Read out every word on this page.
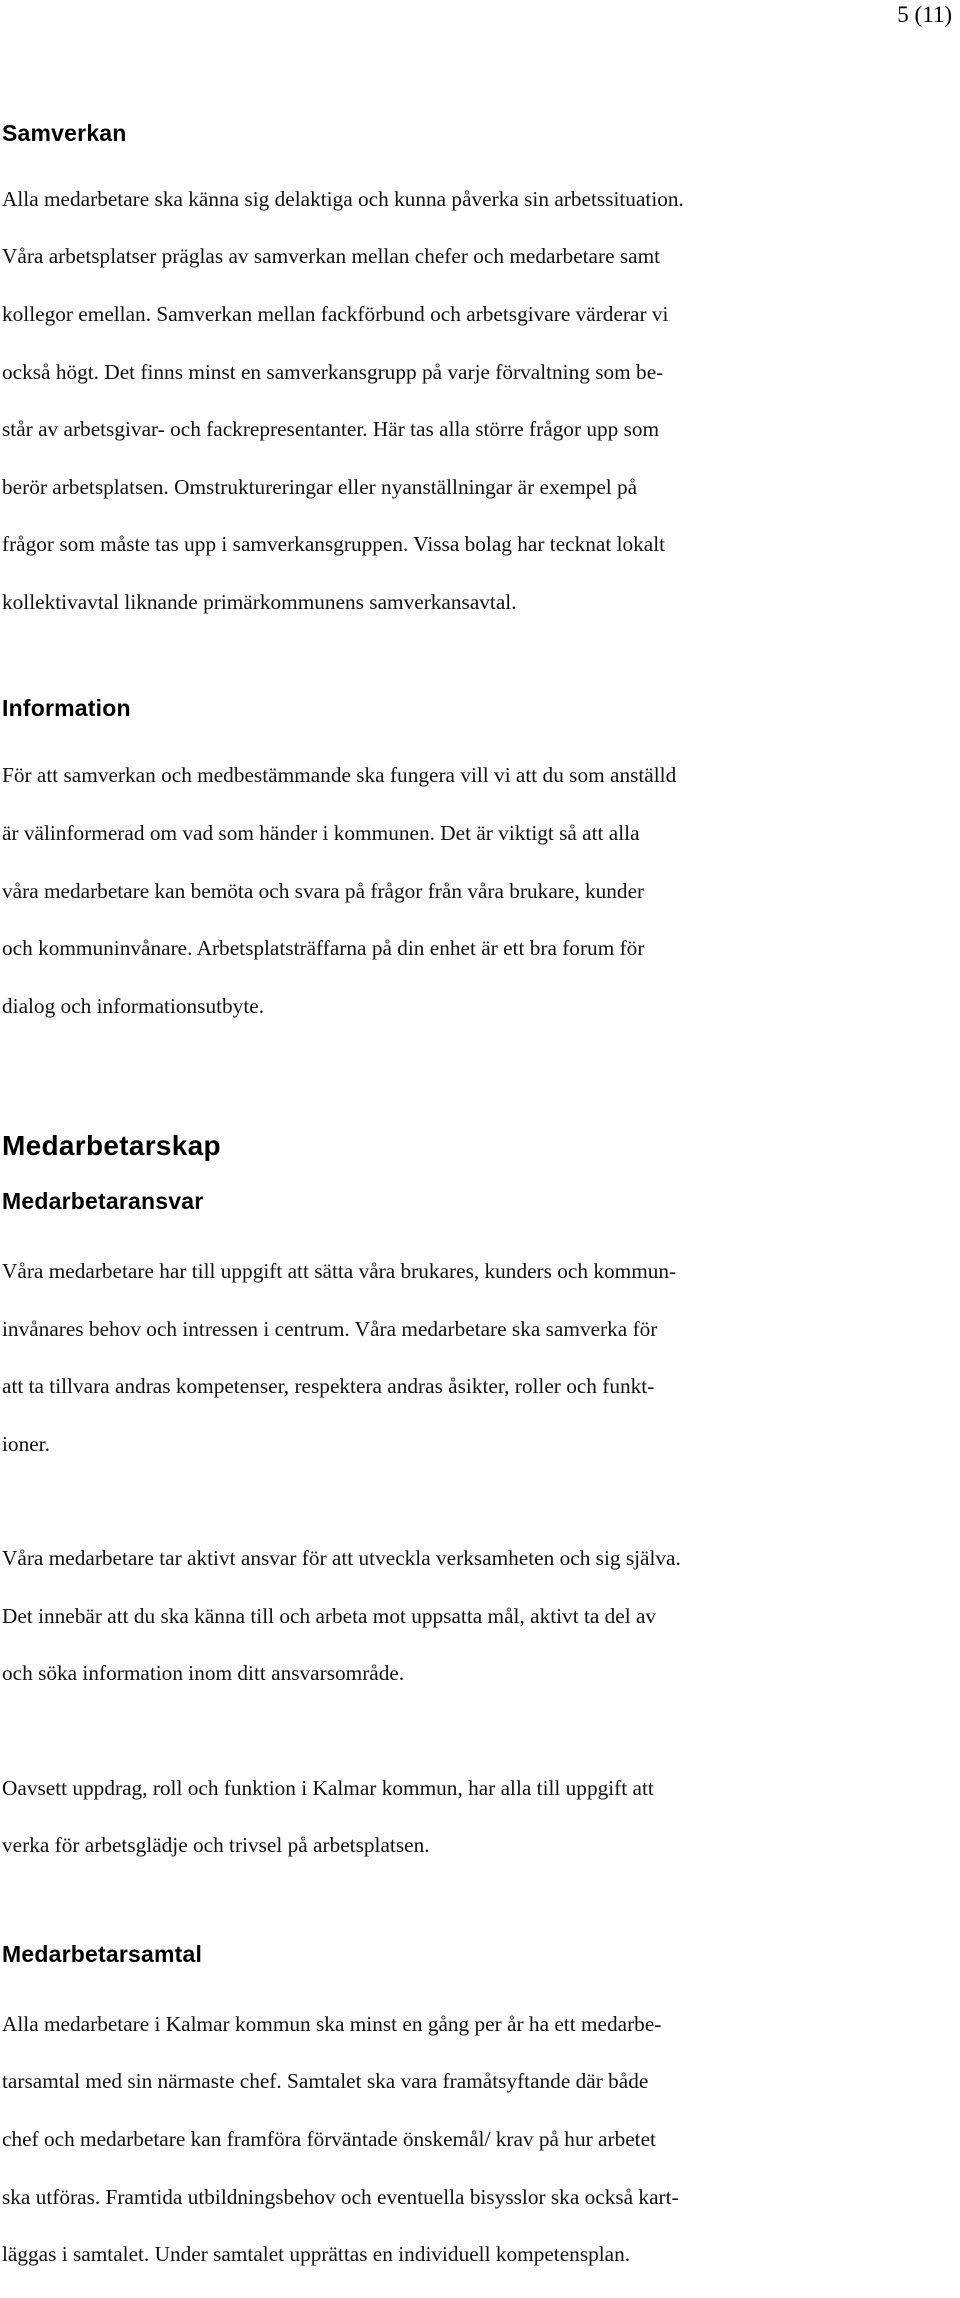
5 (11)
Samverkan

Alla medarbetare ska känna sig delaktiga och kunna påverka sin arbetssituation.

Våra arbetsplatser präglas av samverkan mellan chefer och medarbetare samt

kollegor emellan. Samverkan mellan fackförbund och arbetsgivare värderar vi

också högt. Det finns minst en samverkansgrupp på varje förvaltning som be-

står av arbetsgivar- och fackrepresentanter. Här tas alla större frågor upp som

berör arbetsplatsen. Omstruktureringar eller nyanställningar är exempel på

frågor som måste tas upp i samverkansgruppen. Vissa bolag har tecknat lokalt

kollektivavtal liknande primärkommunens samverkansavtal.

Information

För att samverkan och medbestämmande ska fungera vill vi att du som anställd

är välinformerad om vad som händer i kommunen. Det är viktigt så att alla

våra medarbetare kan bemöta och svara på frågor från våra brukare, kunder

och kommuninvånare. Arbetsplatsträffarna på din enhet är ett bra forum för

dialog och informationsutbyte.

Medarbetarskap
Medarbetaransvar

Våra medarbetare har till uppgift att sätta våra brukares, kunders och kommun-

invånares behov och intressen i centrum. Våra medarbetare ska samverka för

att ta tillvara andras kompetenser, respektera andras åsikter, roller och funkt-

ioner.

Våra medarbetare tar aktivt ansvar för att utveckla verksamheten och sig själva.

Det innebär att du ska känna till och arbeta mot uppsatta mål, aktivt ta del av

och söka information inom ditt ansvarsområde.

Oavsett uppdrag, roll och funktion i Kalmar kommun, har alla till uppgift att

verka för arbetsglädje och trivsel på arbetsplatsen.

Medarbetarsamtal

Alla medarbetare i Kalmar kommun ska minst en gång per år ha ett medarbe-

tarsamtal med sin närmaste chef. Samtalet ska vara framåtsyftande där både

chef och medarbetare kan framföra förväntade önskemål/ krav på hur arbetet

ska utföras. Framtida utbildningsbehov och eventuella bisysslor ska också kart-

läggas i samtalet. Under samtalet upprättas en individuell kompetensplan.
